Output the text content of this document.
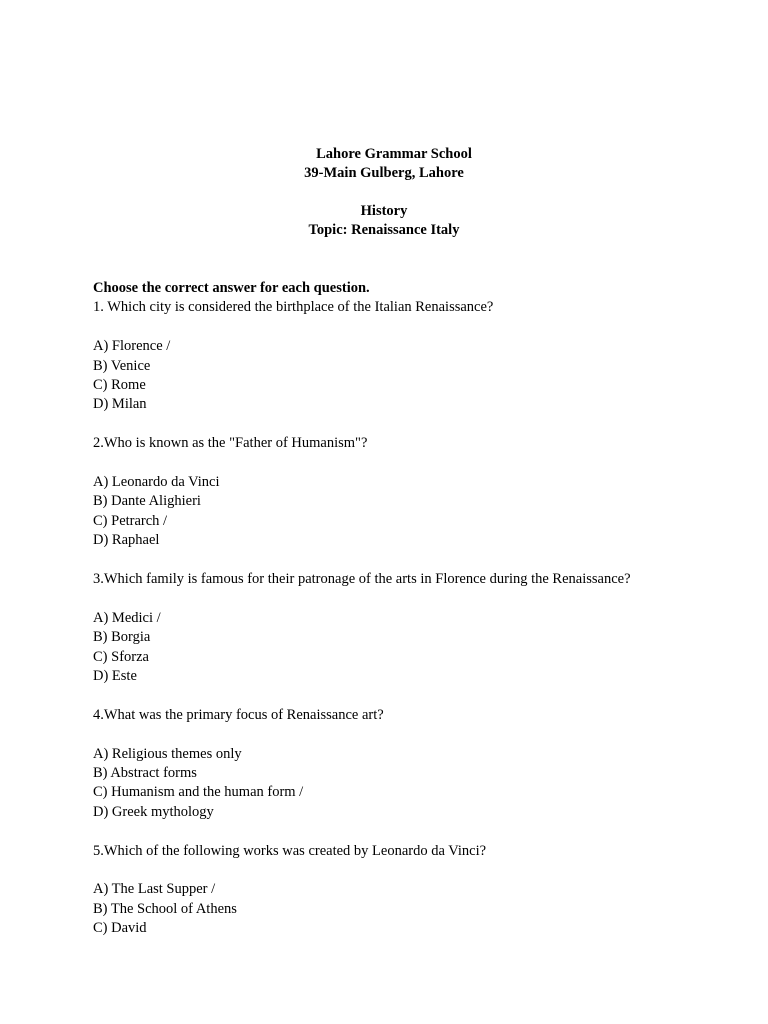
Lahore Grammar School
39-Main Gulberg, Lahore
History
Topic: Renaissance Italy
Choose the correct answer for each question.

1. Which city is considered the birthplace of the Italian Renaissance?

A) Florence /
B) Venice
C) Rome
D) Milan

2.Who is known as the "Father of Humanism"?

A) Leonardo da Vinci
B) Dante Alighieri
C) Petrarch /
D) Raphael

3.Which family is famous for their patronage of the arts in Florence during the Renaissance?

A) Medici /
B) Borgia
C) Sforza
D) Este

4.What was the primary focus of Renaissance art?

A) Religious themes only
B) Abstract forms
C) Humanism and the human form /
D) Greek mythology

5.Which of the following works was created by Leonardo da Vinci?

A) The Last Supper /
B) The School of Athens
C) David
